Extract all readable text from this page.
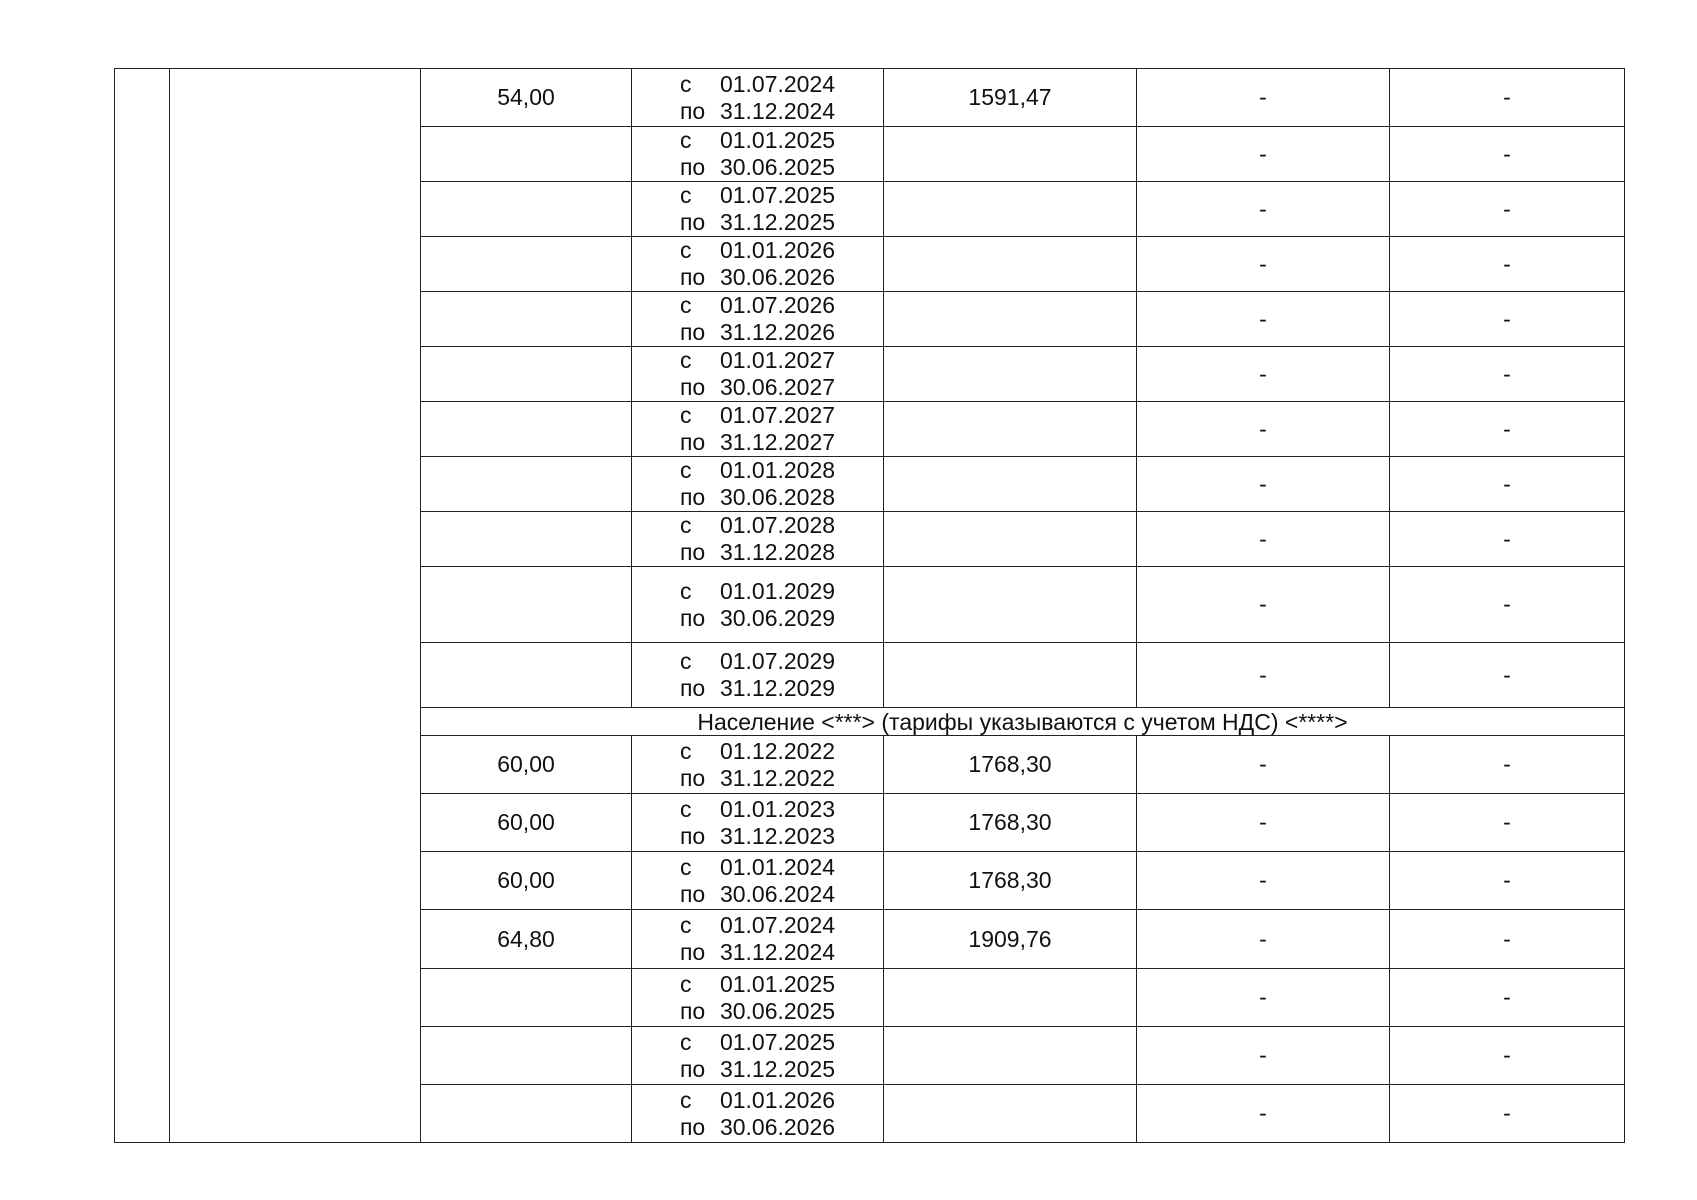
		54,00	с 01.07.2024
по 31.12.2024	1591,47	-	-

			с 01.01.2025
по 30.06.2025		-	-

			с 01.07.2025
по 31.12.2025		-	-

			с 01.01.2026
по 30.06.2026		-	-

			с 01.07.2026
по 31.12.2026		-	-

			с 01.01.2027
по 30.06.2027		-	-

			с 01.07.2027
по 31.12.2027		-	-

			с 01.01.2028
по 30.06.2028		-	-

			с 01.07.2028
по 31.12.2028		-	-

			с 01.01.2029
по 30.06.2029		-	-

			с 01.07.2029
по 31.12.2029		-	-
		Население <***> (тарифы указываются с учетом НДС) <****>				
		60,00	с 01.12.2022
по 31.12.2022	1768,30	-	-
		60,00	с 01.01.2023
по 31.12.2023	1768,30	-	-
		60,00	с 01.01.2024
по 30.06.2024	1768,30	-	-
		64,80	с 01.07.2024
по 31.12.2024	1909,76	-	-

			с 01.01.2025
по 30.06.2025		-	-

			с 01.07.2025
по 31.12.2025		-	-

			с 01.01.2026
по 30.06.2026		-	-
